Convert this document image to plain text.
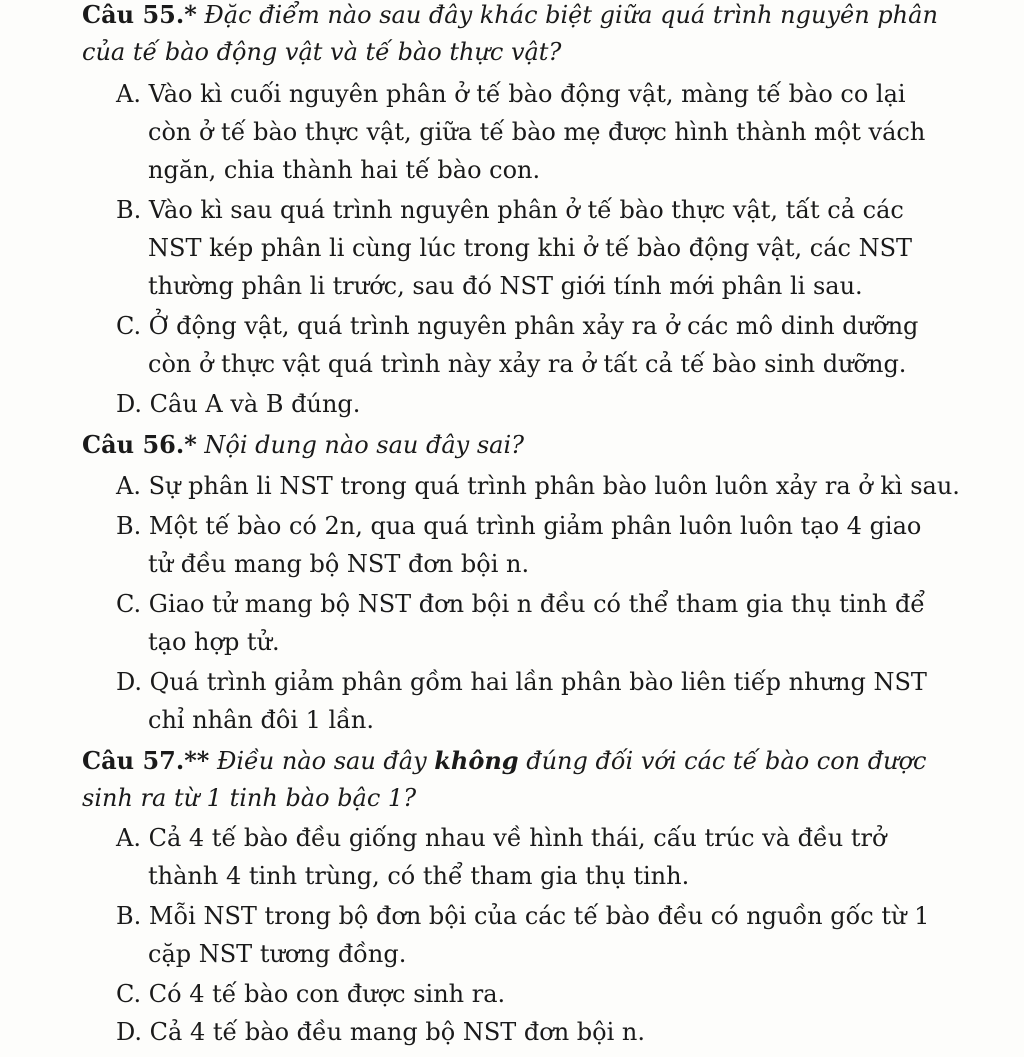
Câu 55.* Đặc điểm nào sau đây khác biệt giữa quá trình nguyên phân
của tế bào động vật và tế bào thực vật?
A. Vào kì cuối nguyên phân ở tế bào động vật, màng tế bào co lại
còn ở tế bào thực vật, giữa tế bào mẹ được hình thành một vách
ngăn, chia thành hai tế bào con.
B. Vào kì sau quá trình nguyên phân ở tế bào thực vật, tất cả các
NST kép phân li cùng lúc trong khi ở tế bào động vật, các NST
thường phân li trước, sau đó NST giới tính mới phân li sau.
C. Ở động vật, quá trình nguyên phân xảy ra ở các mô dinh dưỡng
còn ở thực vật quá trình này xảy ra ở tất cả tế bào sinh dưỡng.
D. Câu A và B đúng.
Câu 56.* Nội dung nào sau đây sai?
A. Sự phân li NST trong quá trình phân bào luôn luôn xảy ra ở kì sau.
B. Một tế bào có 2n, qua quá trình giảm phân luôn luôn tạo 4 giao
tử đều mang bộ NST đơn bội n.
C. Giao tử mang bộ NST đơn bội n đều có thể tham gia thụ tinh để
tạo hợp tử.
D. Quá trình giảm phân gồm hai lần phân bào liên tiếp nhưng NST
chỉ nhân đôi 1 lần.
Câu 57.** Điều nào sau đây không đúng đối với các tế bào con được
sinh ra từ 1 tinh bào bậc 1?
A. Cả 4 tế bào đều giống nhau về hình thái, cấu trúc và đều trở
thành 4 tinh trùng, có thể tham gia thụ tinh.
B. Mỗi NST trong bộ đơn bội của các tế bào đều có nguồn gốc từ 1
cặp NST tương đồng.
C. Có 4 tế bào con được sinh ra.
D. Cả 4 tế bào đều mang bộ NST đơn bội n.
